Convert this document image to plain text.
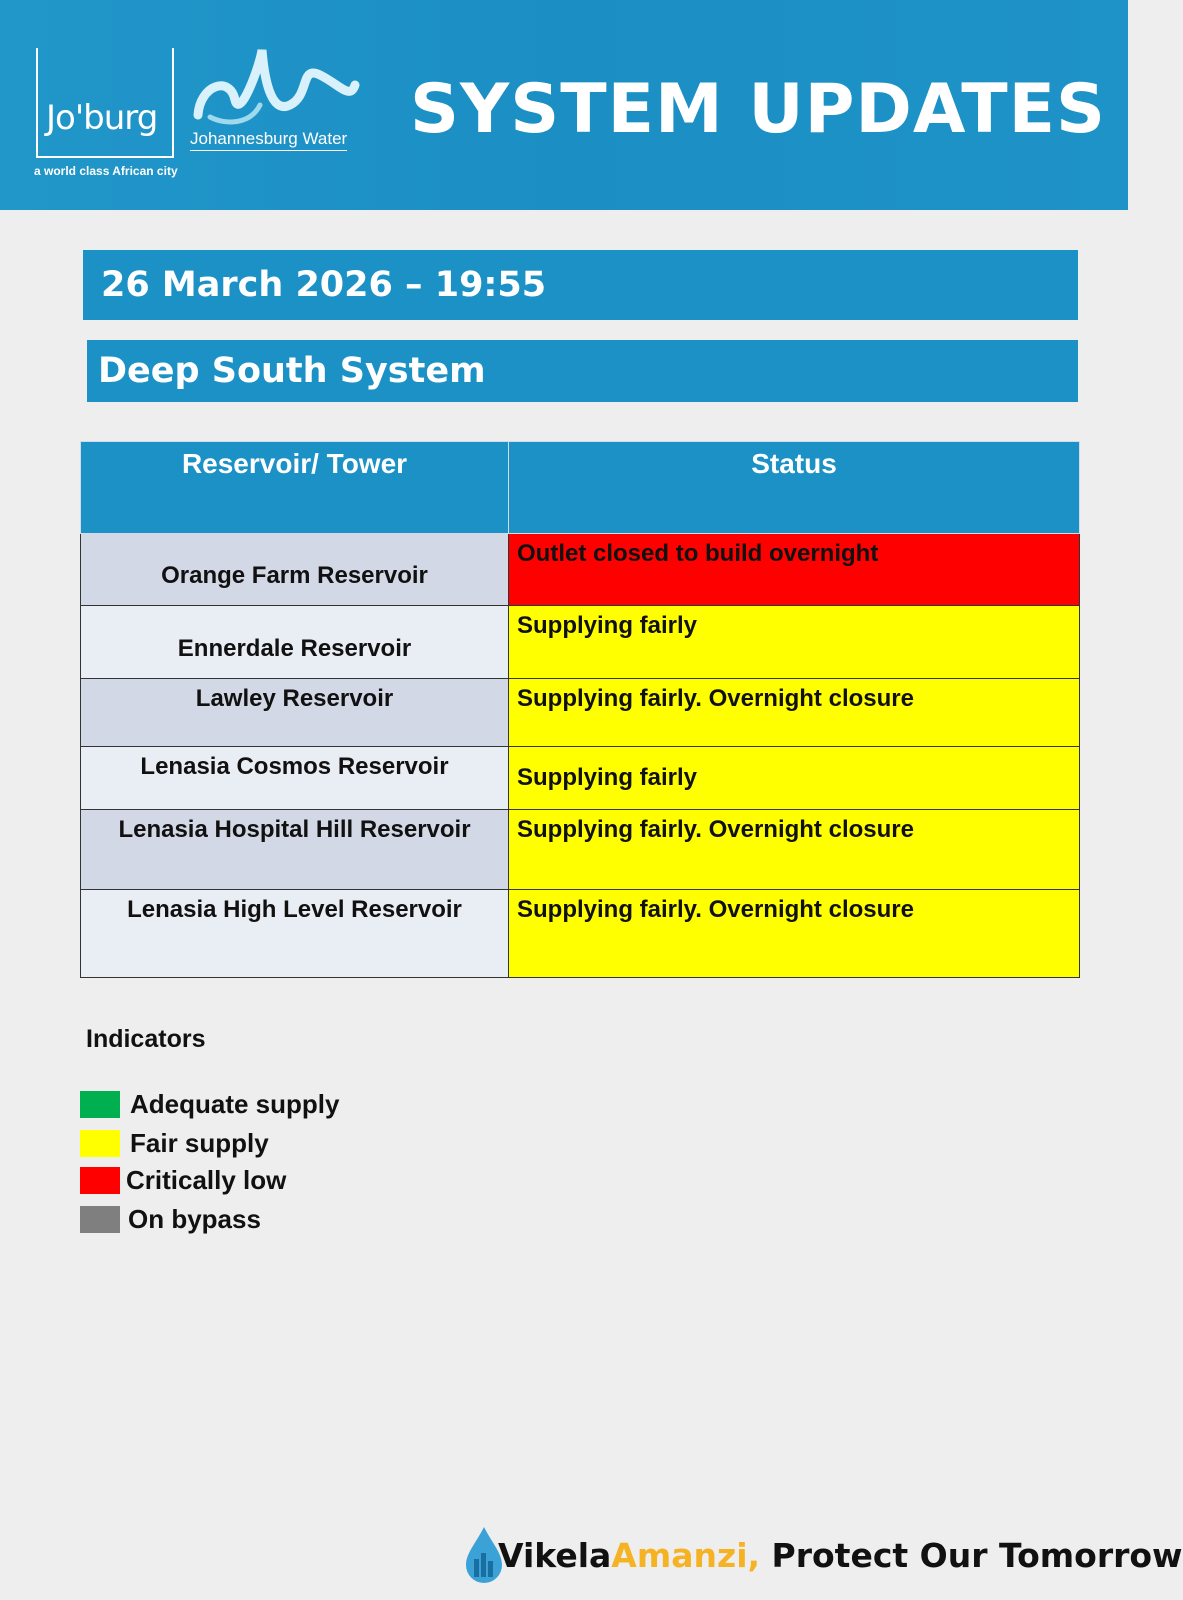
Jo'burg
a world class African city
Johannesburg Water SYSTEM UPDATES
26 March 2026 – 19:55
Deep South System
Reservoir/ Tower	Status
Orange Farm Reservoir	Outlet closed to build overnight
Ennerdale Reservoir	Supplying fairly
Lawley Reservoir	Supplying fairly. Overnight closure
Lenasia Cosmos Reservoir	Supplying fairly
Lenasia Hospital Hill Reservoir	Supplying fairly. Overnight closure
Lenasia High Level Reservoir	Supplying fairly. Overnight closure
Indicators
Adequate supply
Fair supply
Critically low
On bypass
Vikela Amanzi, Protect Our Tomorrow
